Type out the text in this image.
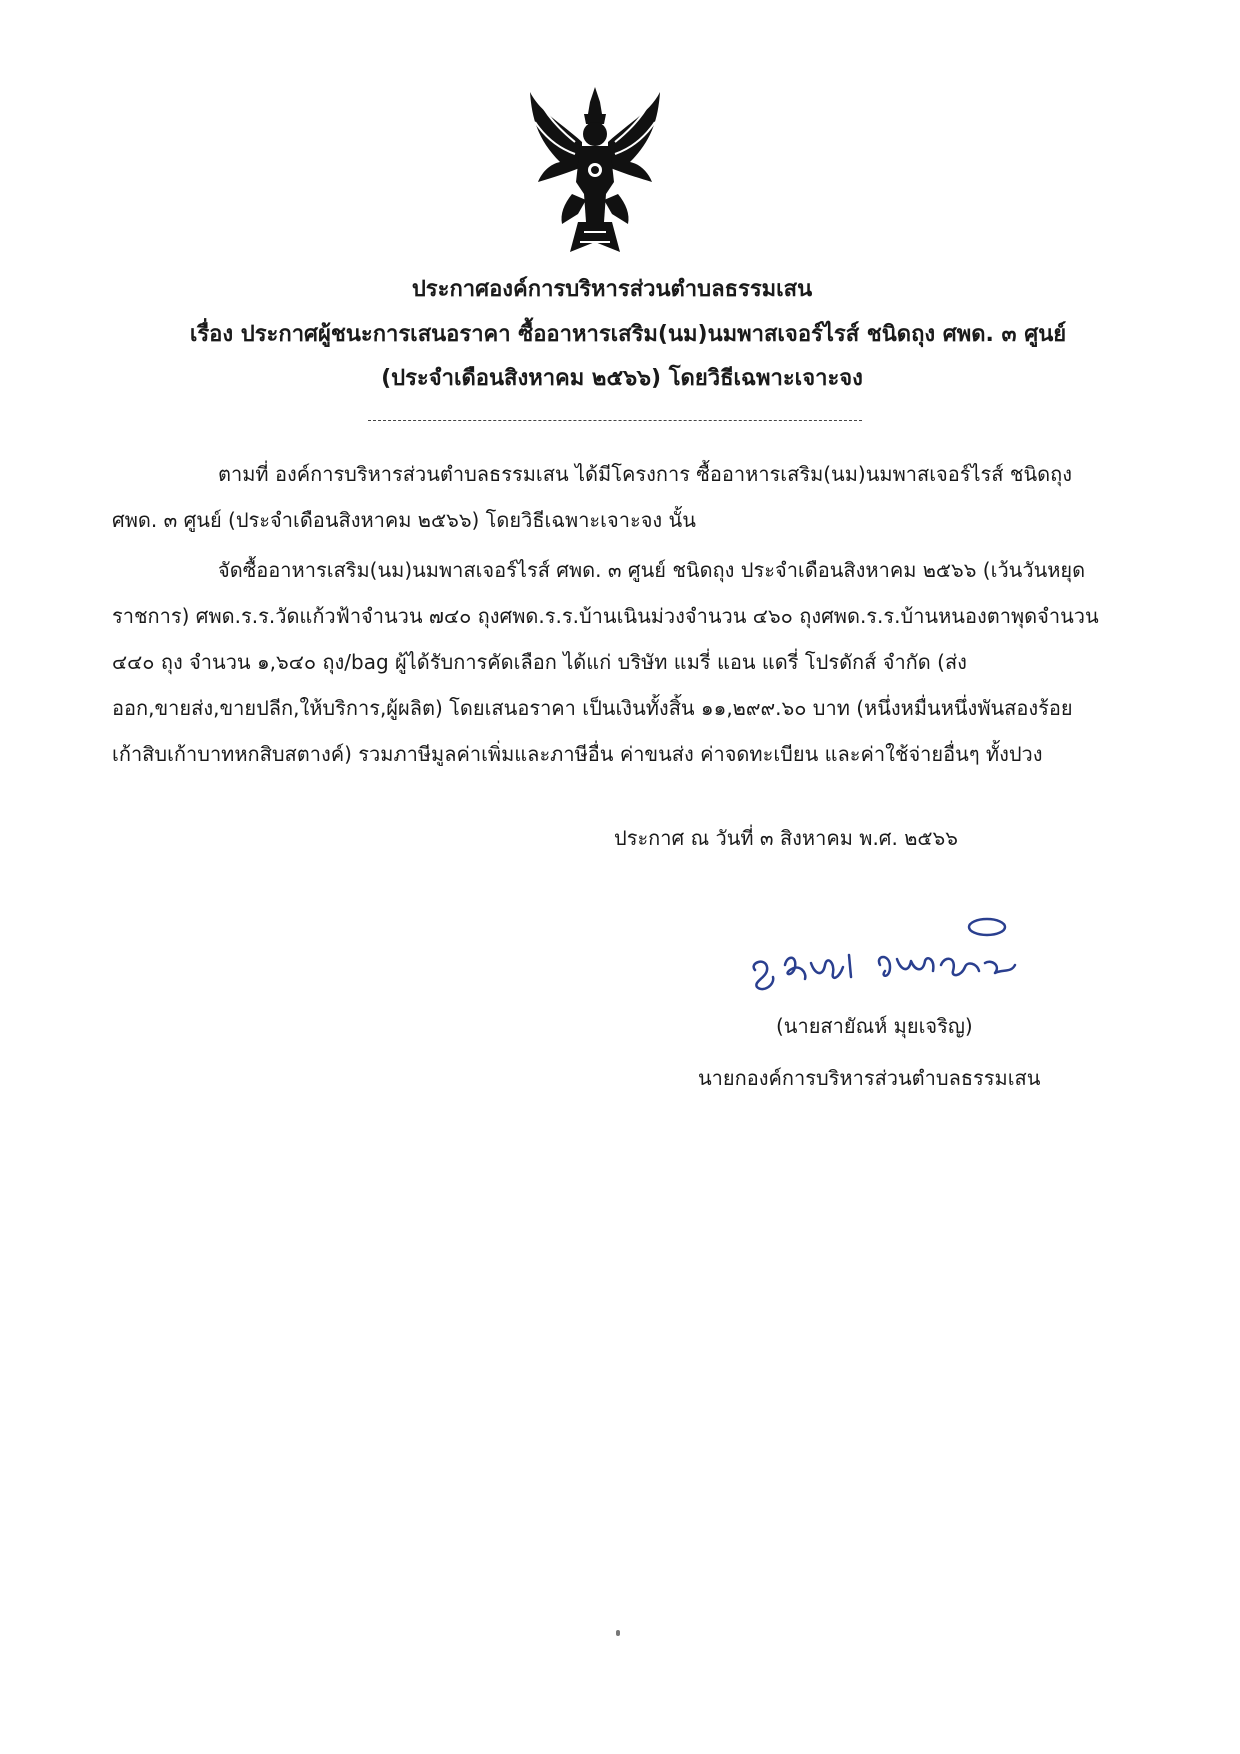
ประกาศองค์การบริหารส่วนตำบลธรรมเสน
เรื่อง ประกาศผู้ชนะการเสนอราคา ซื้ออาหารเสริม(นม)นมพาสเจอร์ไรส์ ชนิดถุง ศพด. ๓ ศูนย์
(ประจำเดือนสิงหาคม ๒๕๖๖) โดยวิธีเฉพาะเจาะจง
ตามที่ องค์การบริหารส่วนตำบลธรรมเสน ได้มีโครงการ ซื้ออาหารเสริม(นม)นมพาสเจอร์ไรส์ ชนิดถุง
ศพด. ๓ ศูนย์ (ประจำเดือนสิงหาคม ๒๕๖๖) โดยวิธีเฉพาะเจาะจง นั้น
จัดซื้ออาหารเสริม(นม)นมพาสเจอร์ไรส์ ศพด. ๓ ศูนย์ ชนิดถุง ประจำเดือนสิงหาคม ๒๕๖๖ (เว้นวันหยุด
ราชการ) ศพด.ร.ร.วัดแก้วฟ้าจำนวน ๗๔๐ ถุงศพด.ร.ร.บ้านเนินม่วงจำนวน ๔๖๐ ถุงศพด.ร.ร.บ้านหนองตาพุดจำนวน
๔๔๐ ถุง จำนวน ๑,๖๔๐ ถุง/bag ผู้ได้รับการคัดเลือก ได้แก่ บริษัท แมรี่ แอน แดรี่ โปรดักส์ จำกัด (ส่ง
ออก,ขายส่ง,ขายปลีก,ให้บริการ,ผู้ผลิต) โดยเสนอราคา เป็นเงินทั้งสิ้น ๑๑,๒๙๙.๖๐ บาท (หนึ่งหมื่นหนึ่งพันสองร้อย
เก้าสิบเก้าบาทหกสิบสตางค์) รวมภาษีมูลค่าเพิ่มและภาษีอื่น ค่าขนส่ง ค่าจดทะเบียน และค่าใช้จ่ายอื่นๆ ทั้งปวง
ประกาศ ณ วันที่ ๓ สิงหาคม พ.ศ. ๒๕๖๖
(นายสายัณห์ มุยเจริญ)
นายกองค์การบริหารส่วนตำบลธรรมเสน
